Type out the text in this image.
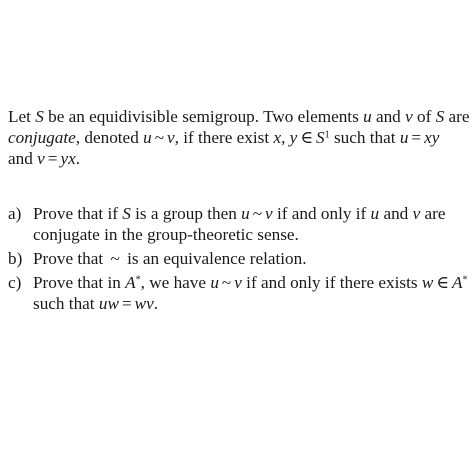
Let S be an equidivisible semigroup. Two elements u and v of S are
conjugate, denoted u ~ v, if there exist x, y ∈ $S^1$ such that u = xy
and v = yx.
a) Prove that if S is a group then u ~ v if and only if u and v are
conjugate in the group-theoretic sense.
b) Prove that ~ is an equivalence relation.
c) Prove that in A*, we have u ~ v if and only if there exists w ∈ A*
such that uw = wv.
